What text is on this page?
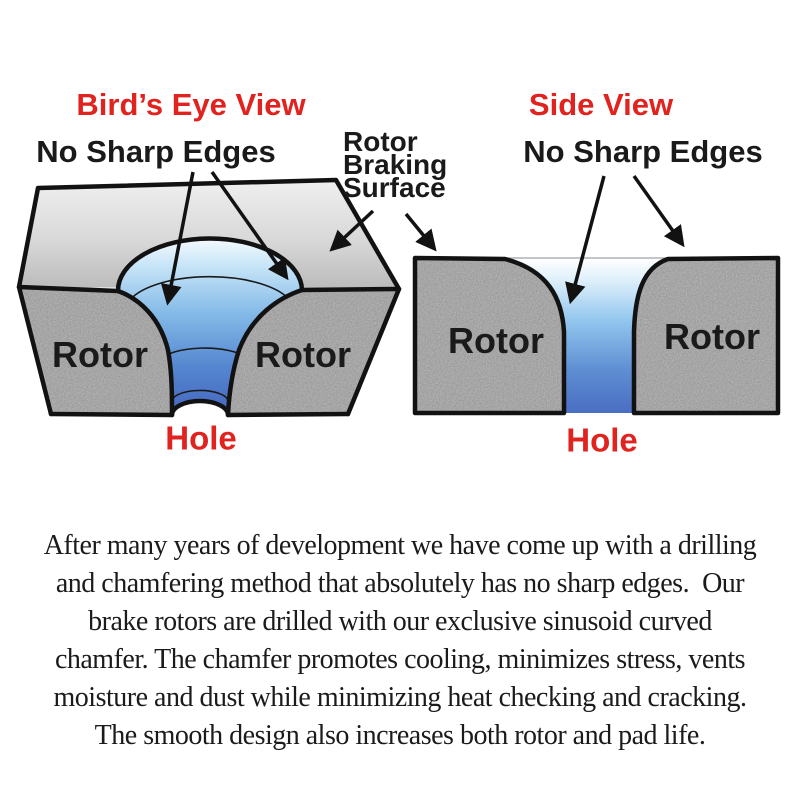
Bird’s Eye View	Side View
No Sharp Edges	No Sharp Edges
Rotor
Braking
Surface
Rotor	Rotor	Rotor	Rotor
Hole	Hole
After many years of development we have come up with a drilling
and chamfering method that absolutely has no sharp edges.  Our
brake rotors are drilled with our exclusive sinusoid curved
chamfer. The chamfer promotes cooling, minimizes stress, vents
moisture and dust while minimizing heat checking and cracking.
The smooth design also increases both rotor and pad life.
